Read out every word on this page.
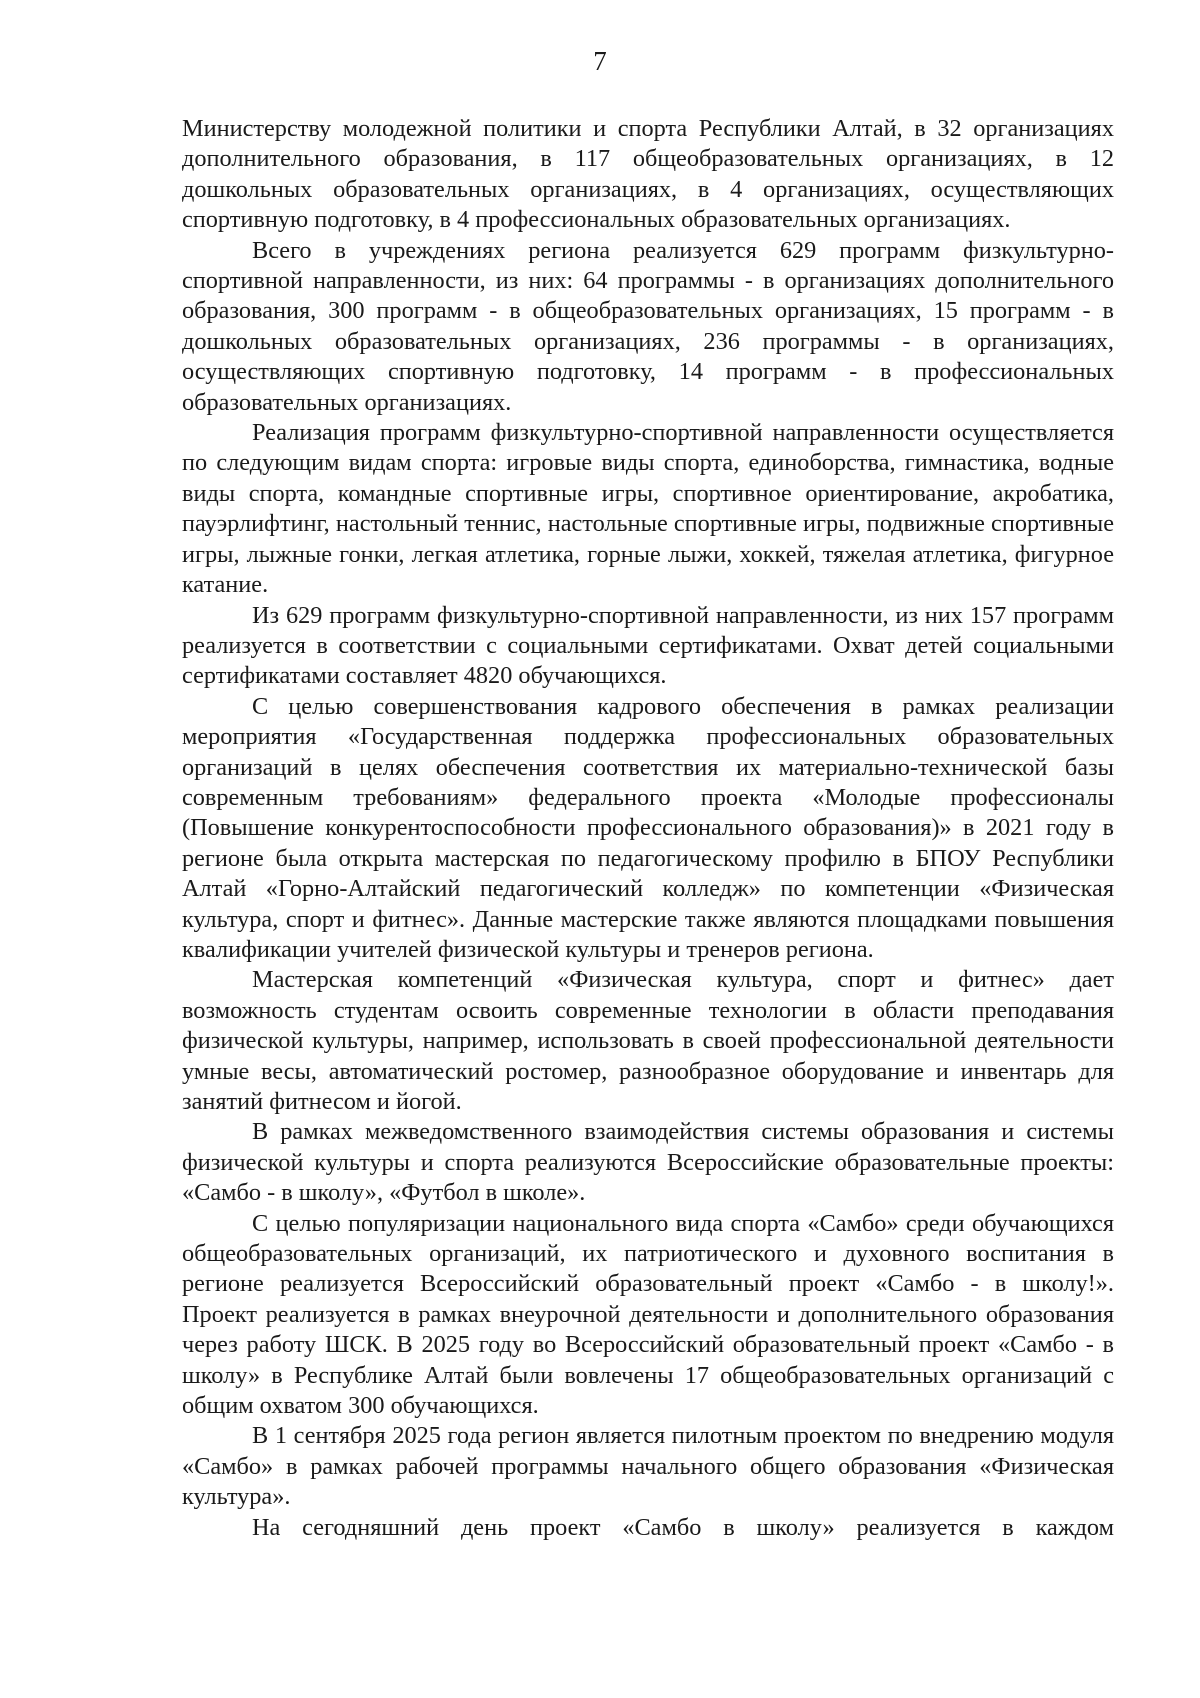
7

Министерству молодежной политики и спорта Республики Алтай, в 32 организациях дополнительного образования, в 117 общеобразовательных организациях, в 12 дошкольных образовательных организациях, в 4 организациях, осуществляющих спортивную подготовку, в 4 профессиональных образовательных организациях.

Всего в учреждениях региона реализуется 629 программ физкультурно-спортивной направленности, из них: 64 программы - в организациях дополнительного образования, 300 программ - в общеобразовательных организациях, 15 программ - в дошкольных образовательных организациях, 236 программы - в организациях, осуществляющих спортивную подготовку, 14 программ - в профессиональных образовательных организациях.

Реализация программ физкультурно-спортивной направленности осуществляется по следующим видам спорта: игровые виды спорта, единоборства, гимнастика, водные виды спорта, командные спортивные игры, спортивное ориентирование, акробатика, пауэрлифтинг, настольный теннис, настольные спортивные игры, подвижные спортивные игры, лыжные гонки, легкая атлетика, горные лыжи, хоккей, тяжелая атлетика, фигурное катание.

Из 629 программ физкультурно-спортивной направленности, из них 157 программ реализуется в соответствии с социальными сертификатами. Охват детей социальными сертификатами составляет 4820 обучающихся.

С целью совершенствования кадрового обеспечения в рамках реализации мероприятия «Государственная поддержка профессиональных образовательных организаций в целях обеспечения соответствия их материально-технической базы современным требованиям» федерального проекта «Молодые профессионалы (Повышение конкурентоспособности профессионального образования)» в 2021 году в регионе была открыта мастерская по педагогическому профилю в БПОУ Республики Алтай «Горно-Алтайский педагогический колледж» по компетенции «Физическая культура, спорт и фитнес». Данные мастерские также являются площадками повышения квалификации учителей физической культуры и тренеров региона.

Мастерская компетенций «Физическая культура, спорт и фитнес» дает возможность студентам освоить современные технологии в области преподавания физической культуры, например, использовать в своей профессиональной деятельности умные весы, автоматический ростомер, разнообразное оборудование и инвентарь для занятий фитнесом и йогой.

В рамках межведомственного взаимодействия системы образования и системы физической культуры и спорта реализуются Всероссийские образовательные проекты: «Самбо - в школу», «Футбол в школе».

С целью популяризации национального вида спорта «Самбо» среди обучающихся общеобразовательных организаций, их патриотического и духовного воспитания в регионе реализуется Всероссийский образовательный проект «Самбо - в школу!». Проект реализуется в рамках внеурочной деятельности и дополнительного образования через работу ШСК. В 2025 году во Всероссийский образовательный проект «Самбо - в школу» в Республике Алтай были вовлечены 17 общеобразовательных организаций с общим охватом 300 обучающихся.

В 1 сентября 2025 года регион является пилотным проектом по внедрению модуля «Самбо» в рамках рабочей программы начального общего образования «Физическая культура».

На сегодняшний день проект «Самбо в школу» реализуется в каждом
